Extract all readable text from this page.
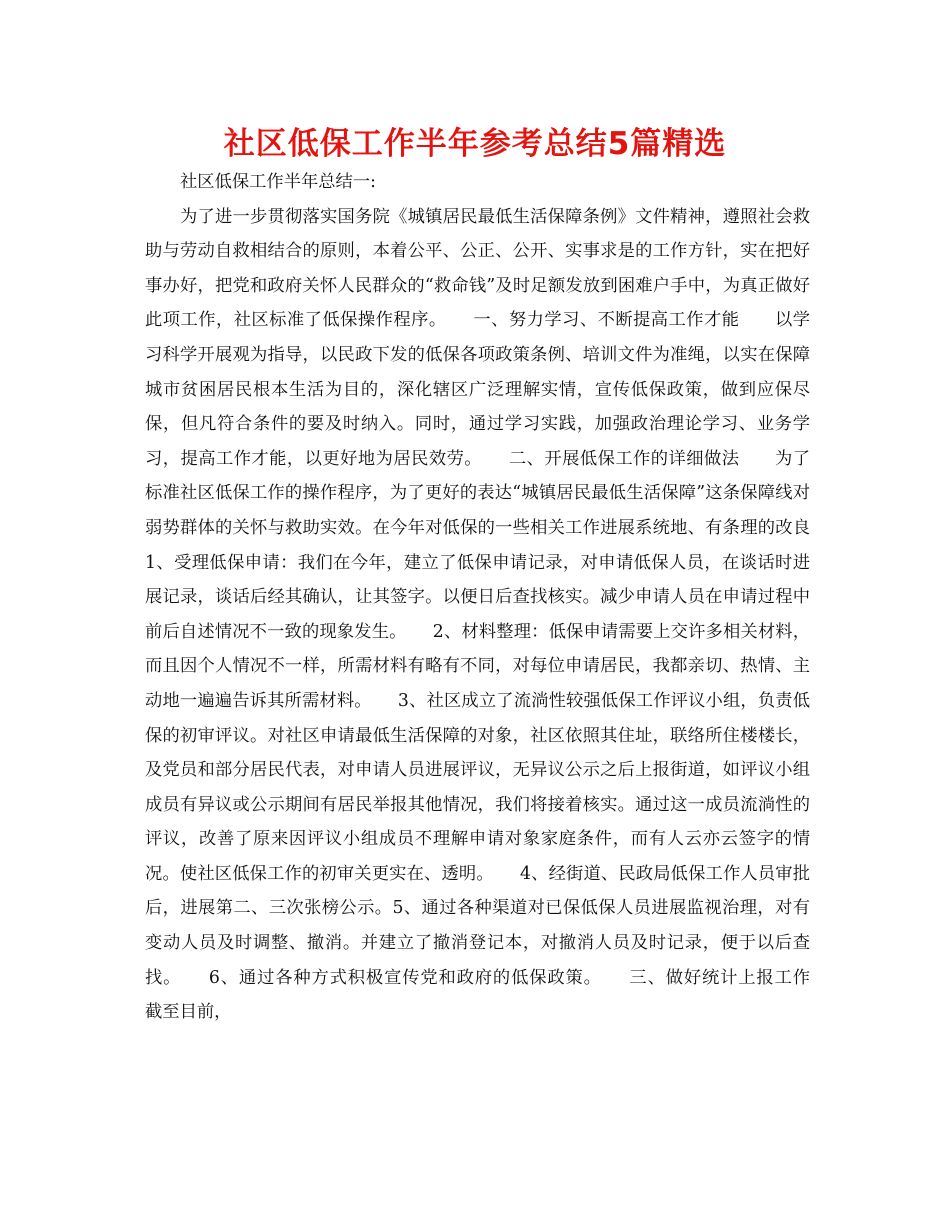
社区低保工作半年参考总结5篇精选

社区低保工作半年总结一:

为了进一步贯彻落实国务院《城镇居民最低生活保障条例》文件精神，遵照社会救助与劳动自救相结合的原则，本着公平、公正、公开、实事求是的工作方针，实在把好事办好，把党和政府关怀人民群众的“救命钱”及时足额发放到困难户手中，为真正做好此项工作，社区标准了低保操作程序。　　一、努力学习、不断提高工作才能　　以学习科学开展观为指导，以民政下发的低保各项政策条例、培训文件为准绳，以实在保障城市贫困居民根本生活为目的，深化辖区广泛理解实情，宣传低保政策，做到应保尽保，但凡符合条件的要及时纳入。同时，通过学习实践，加强政治理论学习、业务学习，提高工作才能，以更好地为居民效劳。　　二、开展低保工作的详细做法　　为了标准社区低保工作的操作程序，为了更好的表达“城镇居民最低生活保障”这条保障线对弱势群体的关怀与救助实效。在今年对低保的一些相关工作进展系统地、有条理的改良　　1、受理低保申请：我们在今年，建立了低保申请记录，对申请低保人员，在谈话时进展记录，谈话后经其确认，让其签字。以便日后查找核实。减少申请人员在申请过程中前后自述情况不一致的现象发生。　　2、材料整理：低保申请需要上交许多相关材料，而且因个人情况不一样，所需材料有略有不同，对每位申请居民，我都亲切、热情、主动地一遍遍告诉其所需材料。　　3、社区成立了流淌性较强低保工作评议小组，负责低保的初审评议。对社区申请最低生活保障的对象，社区依照其住址，联络所住楼楼长，及党员和部分居民代表，对申请人员进展评议，无异议公示之后上报街道，如评议小组成员有异议或公示期间有居民举报其他情况，我们将接着核实。通过这一成员流淌性的评议，改善了原来因评议小组成员不理解申请对象家庭条件，而有人云亦云签字的情况。使社区低保工作的初审关更实在、透明。　　4、经街道、民政局低保工作人员审批后，进展第二、三次张榜公示。5、通过各种渠道对已保低保人员进展监视治理，对有变动人员及时调整、撤消。并建立了撤消登记本，对撤消人员及时记录，便于以后查找。　　6、通过各种方式积极宣传党和政府的低保政策。　　三、做好统计上报工作　　截至目前，
